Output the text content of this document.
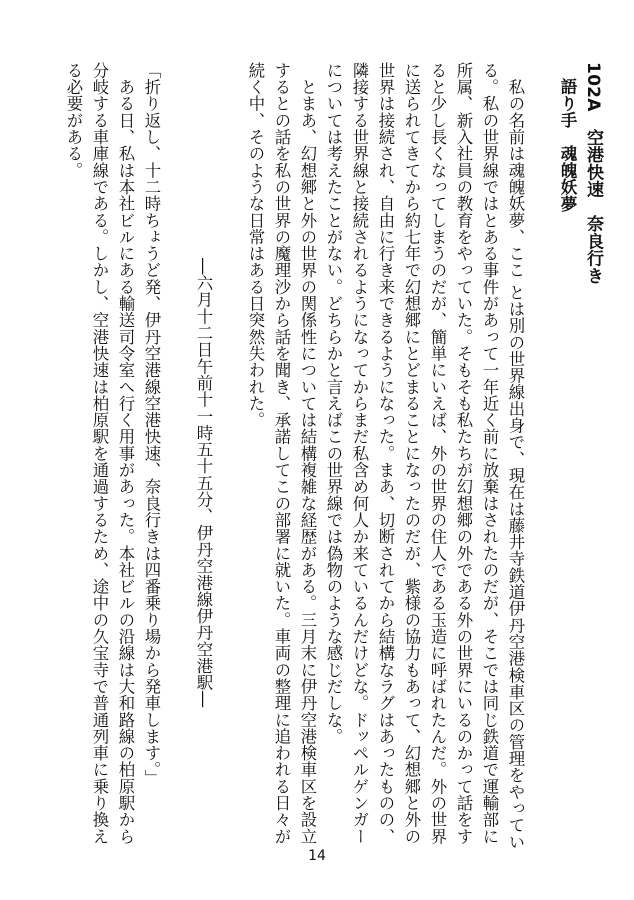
102A　空港快速　奈良行き
語り手　魂魄妖夢
　私の名前は魂魄妖夢、ここ とは別の世界線出身で、現在は藤井寺鉄道伊丹空港検車区の管理をやっている。私の世界線ではとある事件があって一年近く前に放棄はされたのだが、そこでは同じ鉄道で運輸部に所属、新入社員の教育をやっていた。そもそも私たちが幻想郷の外である外の世界にいるのかって話をすると少し長くなってしまうのだが、簡単にいえば、外の世界の住人である玉造に呼ばれたんだ。外の世界に送られてきてから約七年で幻想郷にとどまることになったのだが、紫様の協力もあって、幻想郷と外の世界は接続され、自由に行き来できるようになった。まあ、切断されてから結構なラグはあったものの、隣接する世界線と接続されるようになってからまだ私含め何人か来ているんだけどな。ドッペルゲンガーについては考えたことがない。どちらかと言えばこの世界線では偽物のような感じだしな。
　とまあ、幻想郷と外の世界の関係性については結構複雑な経歴がある。三月末に伊丹空港検車区を設立するとの話を私の世界の魔理沙から話を聞き、承諾してこの部署に就いた。車両の整理に追われる日々が続く中、そのような日常はある日突然失われた。
―六月十二日午前十一時五十五分、伊丹空港線伊丹空港駅―
「折り返し、十二時ちょうど発、伊丹空港線空港快速、奈良行きは四番乗り場から発車します。」
　ある日、私は本社ビルにある輸送司令室へ行く用事があった。本社ビルの沿線は大和路線の柏原駅から分岐する車庫線である。しかし、空港快速は柏原駅を通過するため、途中の久宝寺で普通列車に乗り換える必要がある。
14
